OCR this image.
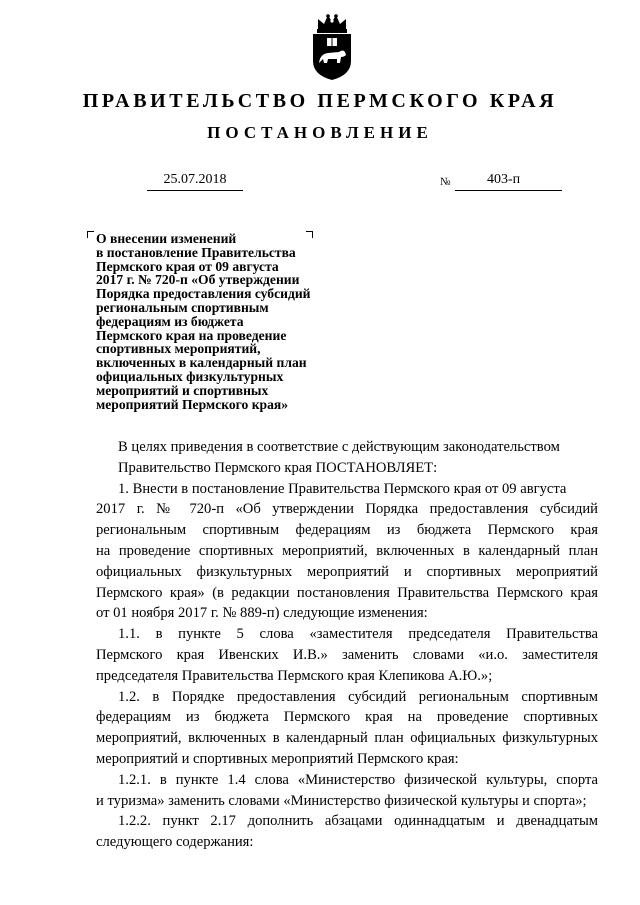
ПРАВИТЕЛЬСТВО ПЕРМСКОГО КРАЯ
ПОСТАНОВЛЕНИЕ
25.07.2018	№	403-п
О внесении изменений
в постановление Правительства
Пермского края от 09 августа
2017 г. № 720-п «Об утверждении
Порядка предоставления субсидий
региональным спортивным
федерациям из бюджета
Пермского края на проведение
спортивных мероприятий,
включенных в календарный план
официальных физкультурных
мероприятий и спортивных
мероприятий Пермского края»
В целях приведения в соответствие с действующим законодательством
Правительство Пермского края ПОСТАНОВЛЯЕТ:
1. Внести в постановление Правительства Пермского края от 09 августа
2017 г. № 720-п «Об утверждении Порядка предоставления субсидий
региональным спортивным федерациям из бюджета Пермского края
на проведение спортивных мероприятий, включенных в календарный план
официальных физкультурных мероприятий и спортивных мероприятий
Пермского края» (в редакции постановления Правительства Пермского края
от 01 ноября 2017 г. № 889-п) следующие изменения:
1.1. в пункте 5 слова «заместителя председателя Правительства
Пермского края Ивенских И.В.» заменить словами «и.о. заместителя
председателя Правительства Пермского края Клепикова А.Ю.»;
1.2. в Порядке предоставления субсидий региональным спортивным
федерациям из бюджета Пермского края на проведение спортивных
мероприятий, включенных в календарный план официальных физкультурных
мероприятий и спортивных мероприятий Пермского края:
1.2.1. в пункте 1.4 слова «Министерство физической культуры, спорта
и туризма» заменить словами «Министерство физической культуры и спорта»;
1.2.2. пункт 2.17 дополнить абзацами одиннадцатым и двенадцатым
следующего содержания:
